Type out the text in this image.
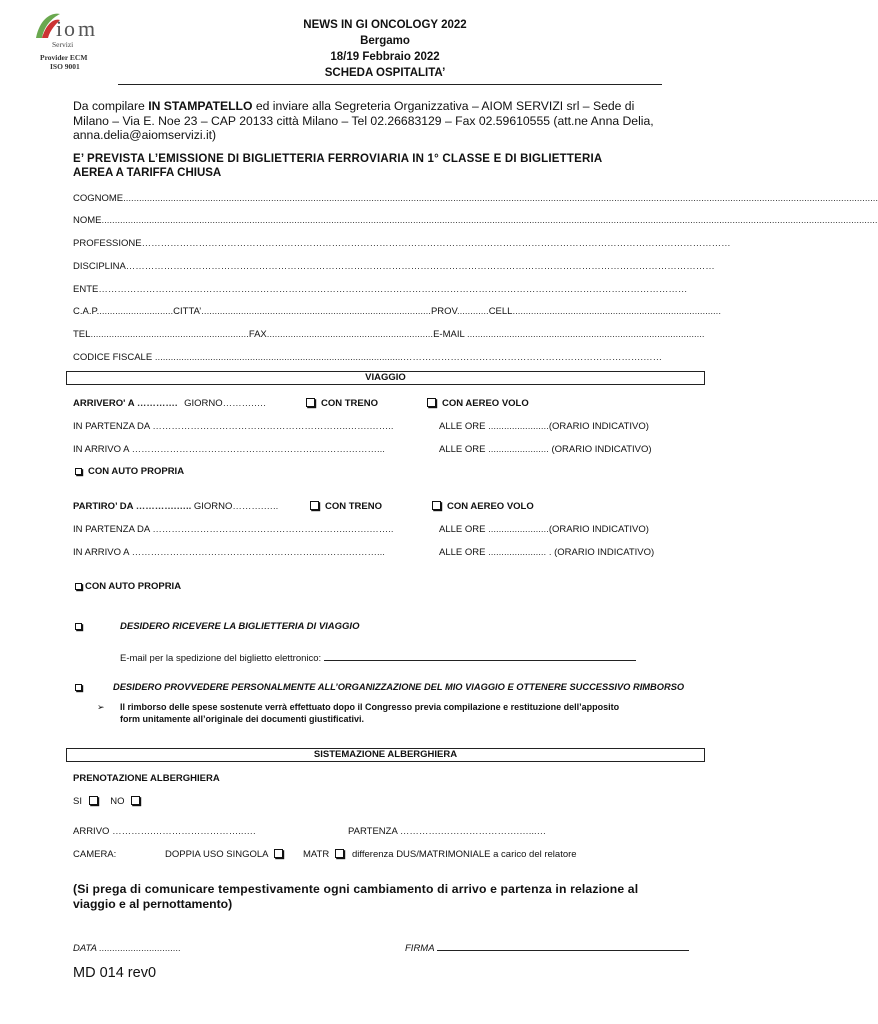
i o m
Servizi
Provider ECM
ISO 9001
NEWS IN GI ONCOLOGY 2022
Bergamo
18/19 Febbraio 2022
SCHEDA OSPITALITA’
Da compilare IN STAMPATELLO ed inviare alla Segreteria Organizzativa – AIOM SERVIZI srl – Sede di
Milano – Via E. Noe 23 – CAP 20133 città Milano – Tel 02.26683129 – Fax 02.59610555 (att.ne Anna Delia,
anna.delia@aiomservizi.it)
E’ PREVISTA L’EMISSIONE DI BIGLIETTERIA FERROVIARIA IN 1° CLASSE E DI BIGLIETTERIA
AEREA A TARIFFA CHIUSA
COGNOME..............................................................................................................................................................................................................................................................................................
NOME......................................................................................................................................................................................................................................................................................................
PROFESSIONE……………………………………………………………………………………………………………………………………………………………………
DISCIPLINA……………………………………………………………………………………………………………………………………………………………………
ENTE……………………………………………………………………………………………………………………………………………………………………
C.A.P.............................CITTA’.......................................................................................PROV............CELL...............................................................................
TEL............................................................FAX...............................................................E-MAIL ..........................................................................................
CODICE FISCALE ..............................................................................................………………………………………………………………….……
VIAGGIO
ARRIVERO' A …………. GIORNO……….….	CON TRENO	CON AEREO VOLO
IN PARTENZA DA ……………………………………………………..…….……..	ALLE ORE .......................(ORARIO INDICATIVO)
IN ARRIVO A …………………………………………………..……….………...	ALLE ORE ....................... (ORARIO INDICATIVO)
CON AUTO PROPRIA
PARTIRO’ DA ………….….. GIORNO……….…..	CON TRENO	CON AEREO VOLO
IN PARTENZA DA ……………………………………………………..…….……..	ALLE ORE .......................(ORARIO INDICATIVO)
IN ARRIVO A …………………………………………………..……….………...	ALLE ORE ...................... . (ORARIO INDICATIVO)
CON AUTO PROPRIA
DESIDERO RICEVERE LA BIGLIETTERIA DI VIAGGIO
E-mail per la spedizione del biglietto elettronico:
DESIDERO PROVVEDERE PERSONALMENTE ALL’ORGANIZZAZIONE DEL MIO VIAGGIO E OTTENERE SUCCESSIVO RIMBORSO
➢ Il rimborso delle spese sostenute verrà effettuato dopo il Congresso previa compilazione e restituzione dell’apposito
form unitamente all’originale dei documenti giustificativi.
SISTEMAZIONE ALBERGHIERA
PRENOTAZIONE ALBERGHIERA
SI	NO
ARRIVO ………….………………………..….	PARTENZA ………….…………………….…...…
CAMERA:	DOPPIA USO SINGOLA	MATR	differenza DUS/MATRIMONIALE a carico del relatore
(Si prega di comunicare tempestivamente ogni cambiamento di arrivo e partenza in relazione al
viaggio e al pernottamento)
DATA ...............................	FIRMA
MD 014 rev0
